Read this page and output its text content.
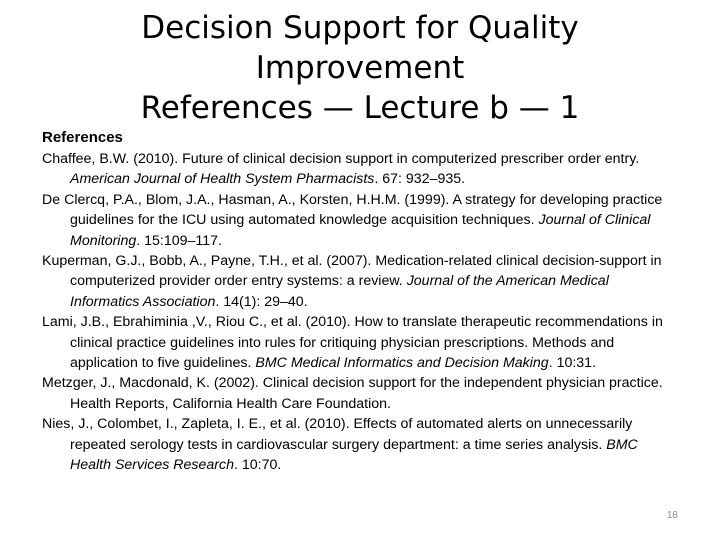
Decision Support for Quality
Improvement
References — Lecture b — 1

References

Chaffee, B.W. (2010). Future of clinical decision support in computerized prescriber order entry. American Journal of Health System Pharmacists. 67: 932–935.

De Clercq, P.A., Blom, J.A., Hasman, A., Korsten, H.H.M. (1999). A strategy for developing practice guidelines for the ICU using automated knowledge acquisition techniques. Journal of Clinical Monitoring. 15:109–117.

Kuperman, G.J., Bobb, A., Payne, T.H., et al. (2007). Medication-related clinical decision-support in computerized provider order entry systems: a review. Journal of the American Medical Informatics Association. 14(1): 29–40.

Lami, J.B., Ebrahiminia ,V., Riou C., et al. (2010). How to translate therapeutic recommendations in clinical practice guidelines into rules for critiquing physician prescriptions. Methods and application to five guidelines. BMC Medical Informatics and Decision Making. 10:31.

Metzger, J., Macdonald, K. (2002). Clinical decision support for the independent physician practice. Health Reports, California Health Care Foundation.

Nies, J., Colombet, I., Zapleta, I. E., et al. (2010). Effects of automated alerts on unnecessarily repeated serology tests in cardiovascular surgery department: a time series analysis. BMC Health Services Research. 10:70.

18
